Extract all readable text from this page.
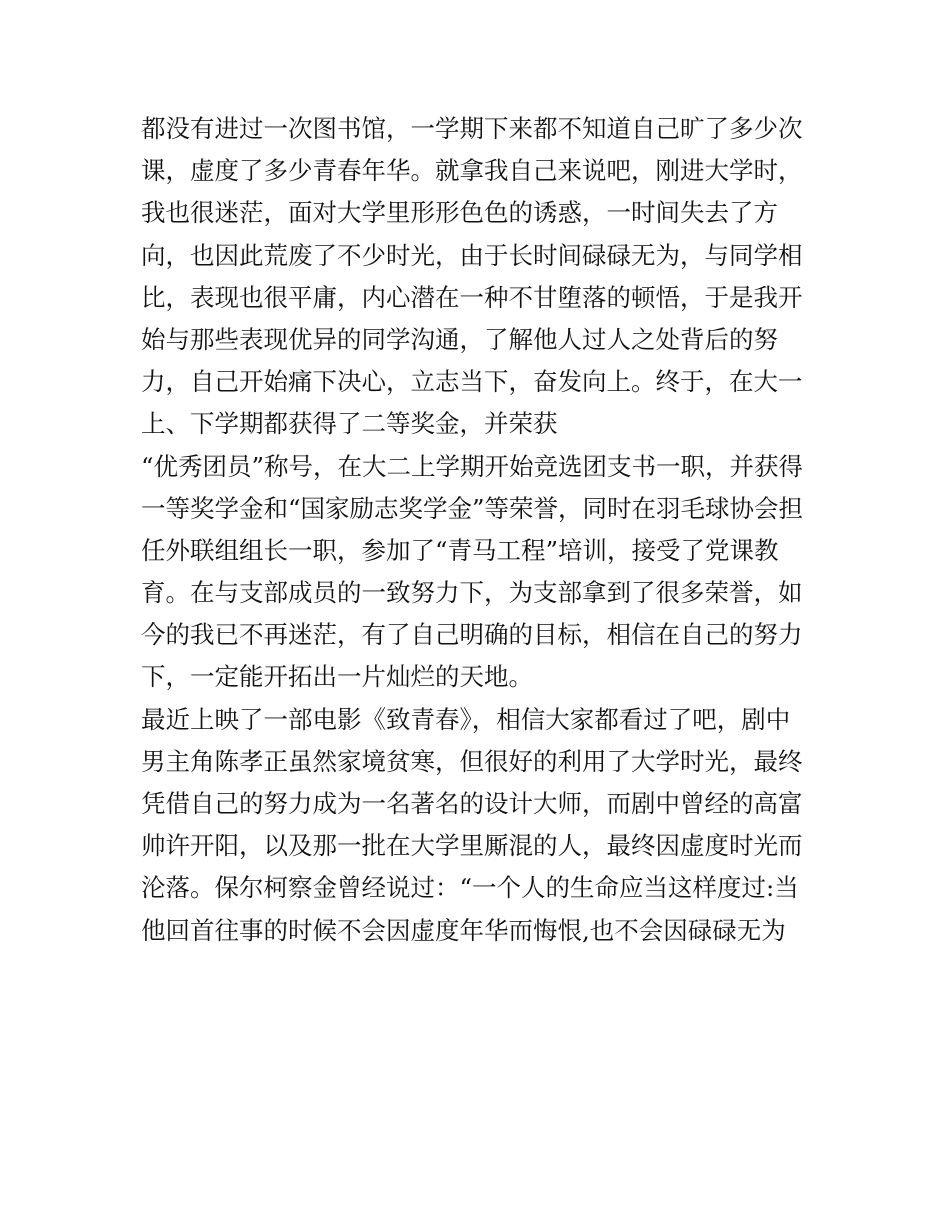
都没有进过一次图书馆，一学期下来都不知道自己旷了多少次
课，虚度了多少青春年华。就拿我自己来说吧，刚进大学时，
我也很迷茫，面对大学里形形色色的诱惑，一时间失去了方
向，也因此荒废了不少时光，由于长时间碌碌无为，与同学相
比，表现也很平庸，内心潜在一种不甘堕落的顿悟，于是我开
始与那些表现优异的同学沟通，了解他人过人之处背后的努
力，自己开始痛下决心，立志当下，奋发向上。终于，在大一
上、下学期都获得了二等奖金，并荣获
“优秀团员”称号，在大二上学期开始竞选团支书一职，并获得
一等奖学金和“国家励志奖学金”等荣誉，同时在羽毛球协会担
任外联组组长一职，参加了“青马工程”培训，接受了党课教
育。在与支部成员的一致努力下，为支部拿到了很多荣誉，如
今的我已不再迷茫，有了自己明确的目标，相信在自己的努力
下，一定能开拓出一片灿烂的天地。
最近上映了一部电影《致青春》，相信大家都看过了吧，剧中
男主角陈孝正虽然家境贫寒，但很好的利用了大学时光，最终
凭借自己的努力成为一名著名的设计大师，而剧中曾经的高富
帅许开阳，以及那一批在大学里厮混的人，最终因虚度时光而
沦落。保尔柯察金曾经说过：“一个人的生命应当这样度过:当
他回首往事的时候不会因虚度年华而悔恨,也不会因碌碌无为
